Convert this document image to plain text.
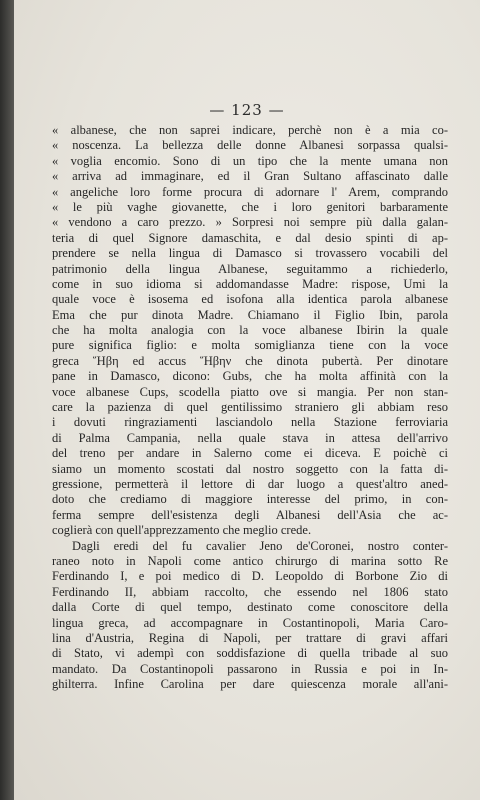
— 123 —
« albanese, che non saprei indicare, perchè non è a mia co-
« noscenza. La bellezza delle donne Albanesi sorpassa qualsi-
« voglia encomio. Sono di un tipo che la mente umana non
« arriva ad immaginare, ed il Gran Sultano affascinato dalle
« angeliche loro forme procura di adornare l' Arem, comprando
« le più vaghe giovanette, che i loro genitori barbaramente
« vendono a caro prezzo. » Sorpresi noi sempre più dalla galan-
teria di quel Signore damaschita, e dal desio spinti di ap-
prendere se nella lingua di Damasco si trovassero vocabili del
patrimonio della lingua Albanese, seguitammo a richiederlo,
come in suo idioma si addomandasse Madre: rispose, Umi la
quale voce è isosema ed isofona alla identica parola albanese
Ema che pur dinota Madre. Chiamano il Figlio Ibin, parola
che ha molta analogia con la voce albanese Ibirin la quale
pure significa figlio: e molta somiglianza tiene con la voce
greca Ἥβη ed accus Ἥβην che dinota pubertà. Per dinotare
pane in Damasco, dicono: Gubs, che ha molta affinità con la
voce albanese Cups, scodella piatto ove si mangia. Per non stan-
care la pazienza di quel gentilissimo straniero gli abbiam reso
i dovuti ringraziamenti lasciandolo nella Stazione ferroviaria
di Palma Campania, nella quale stava in attesa dell'arrivo
del treno per andare in Salerno come ei diceva. E poichè ci
siamo un momento scostati dal nostro soggetto con la fatta di-
gressione, permetterà il lettore di dar luogo a quest'altro aned-
doto che crediamo di maggiore interesse del primo, in con-
ferma sempre dell'esistenza degli Albanesi dell'Asia che ac-
coglierà con quell'apprezzamento che meglio crede.
Dagli eredi del fu cavalier Jeno de'Coronei, nostro conter-
raneo noto in Napoli come antico chirurgo di marina sotto Re
Ferdinando I, e poi medico di D. Leopoldo di Borbone Zio di
Ferdinando II, abbiam raccolto, che essendo nel 1806 stato
dalla Corte di quel tempo, destinato come conoscitore della
lingua greca, ad accompagnare in Costantinopoli, Maria Caro-
lina d'Austria, Regina di Napoli, per trattare di gravi affari
di Stato, vi adempì con soddisfazione di quella tribade al suo
mandato. Da Costantinopoli passarono in Russia e poi in In-
ghilterra. Infine Carolina per dare quiescenza morale all'ani-
